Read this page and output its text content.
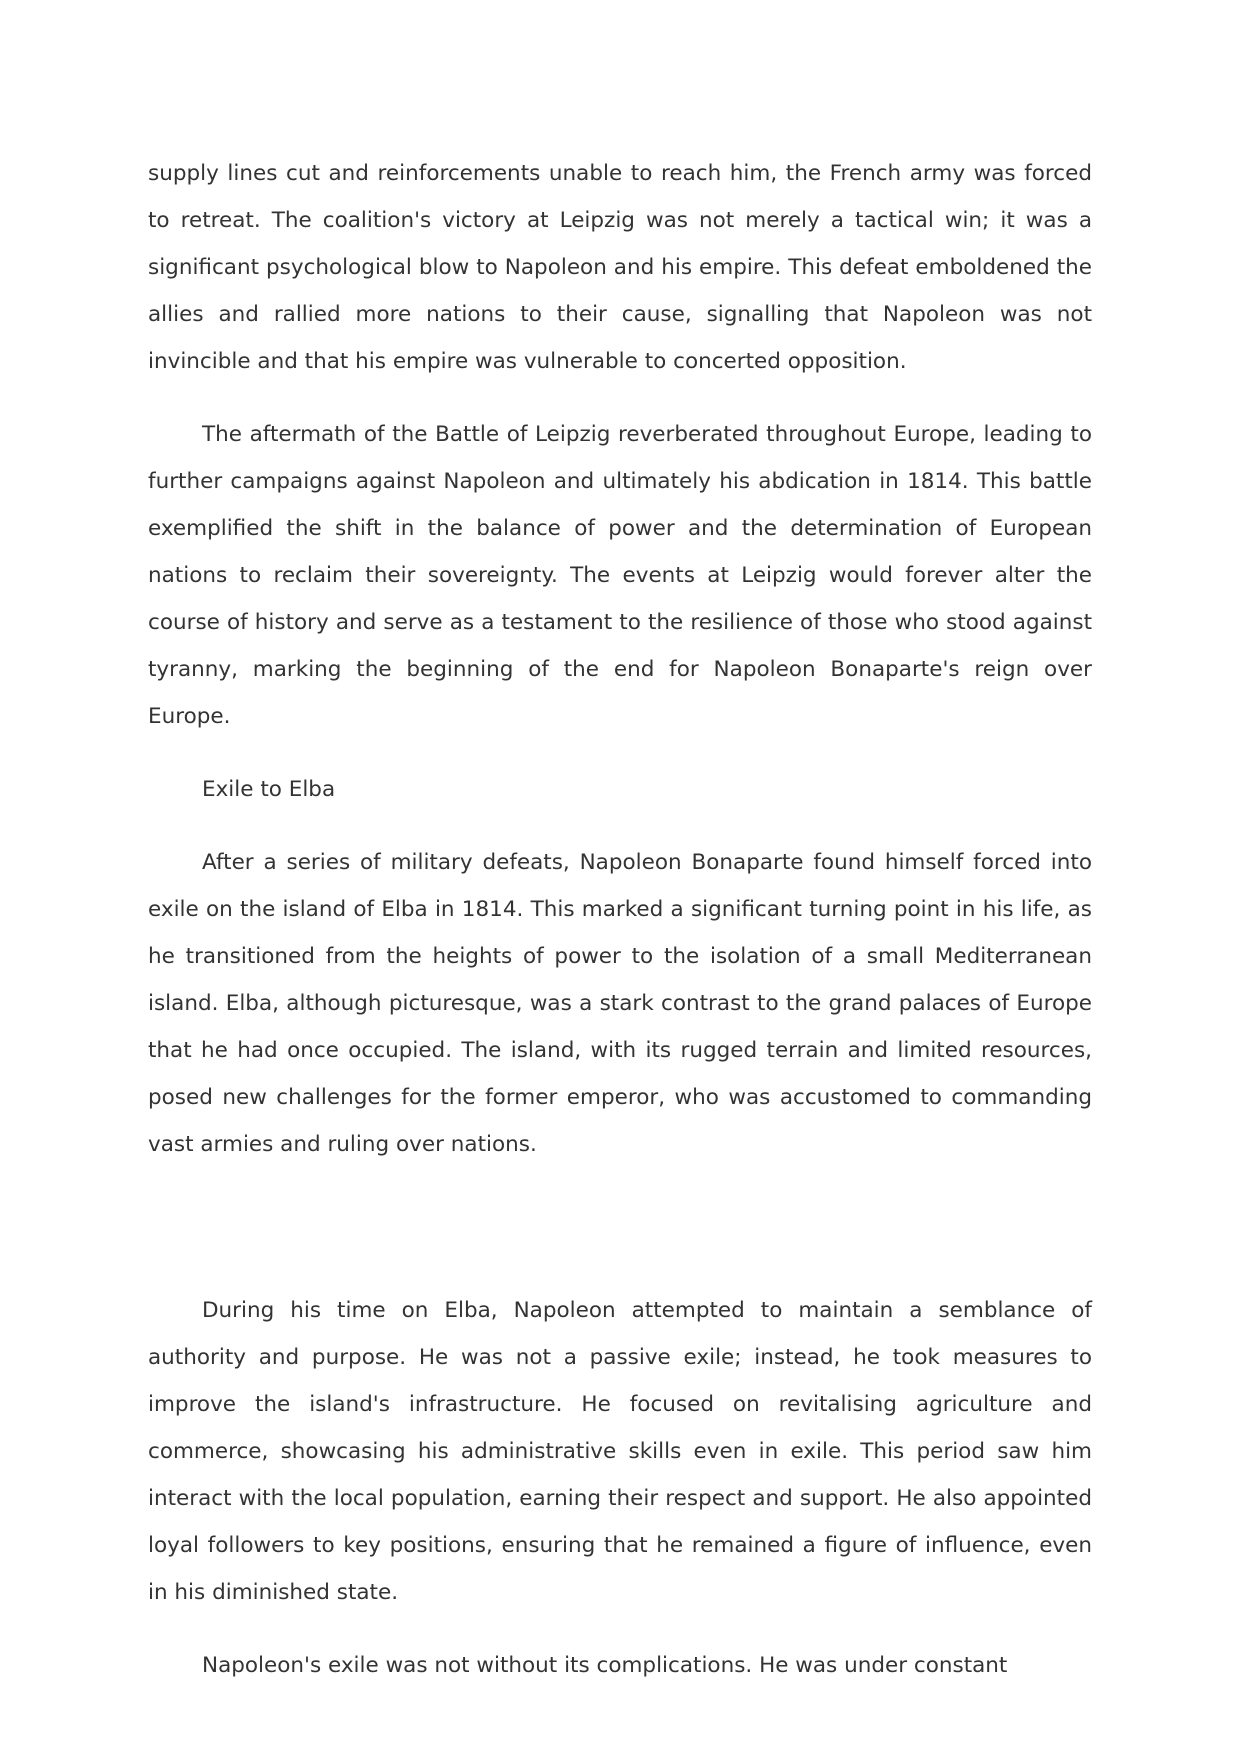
supply lines cut and reinforcements unable to reach him, the French army was forced to retreat. The coalition's victory at Leipzig was not merely a tactical win; it was a significant psychological blow to Napoleon and his empire. This defeat emboldened the allies and rallied more nations to their cause, signalling that Napoleon was not invincible and that his empire was vulnerable to concerted opposition.

The aftermath of the Battle of Leipzig reverberated throughout Europe, leading to further campaigns against Napoleon and ultimately his abdication in 1814. This battle exemplified the shift in the balance of power and the determination of European nations to reclaim their sovereignty. The events at Leipzig would forever alter the course of history and serve as a testament to the resilience of those who stood against tyranny, marking the beginning of the end for Napoleon Bonaparte's reign over Europe.

Exile to Elba

After a series of military defeats, Napoleon Bonaparte found himself forced into exile on the island of Elba in 1814. This marked a significant turning point in his life, as he transitioned from the heights of power to the isolation of a small Mediterranean island. Elba, although picturesque, was a stark contrast to the grand palaces of Europe that he had once occupied. The island, with its rugged terrain and limited resources, posed new challenges for the former emperor, who was accustomed to commanding vast armies and ruling over nations.

During his time on Elba, Napoleon attempted to maintain a semblance of authority and purpose. He was not a passive exile; instead, he took measures to improve the island's infrastructure. He focused on revitalising agriculture and commerce, showcasing his administrative skills even in exile. This period saw him interact with the local population, earning their respect and support. He also appointed loyal followers to key positions, ensuring that he remained a figure of influence, even in his diminished state.

Napoleon's exile was not without its complications. He was under constant
